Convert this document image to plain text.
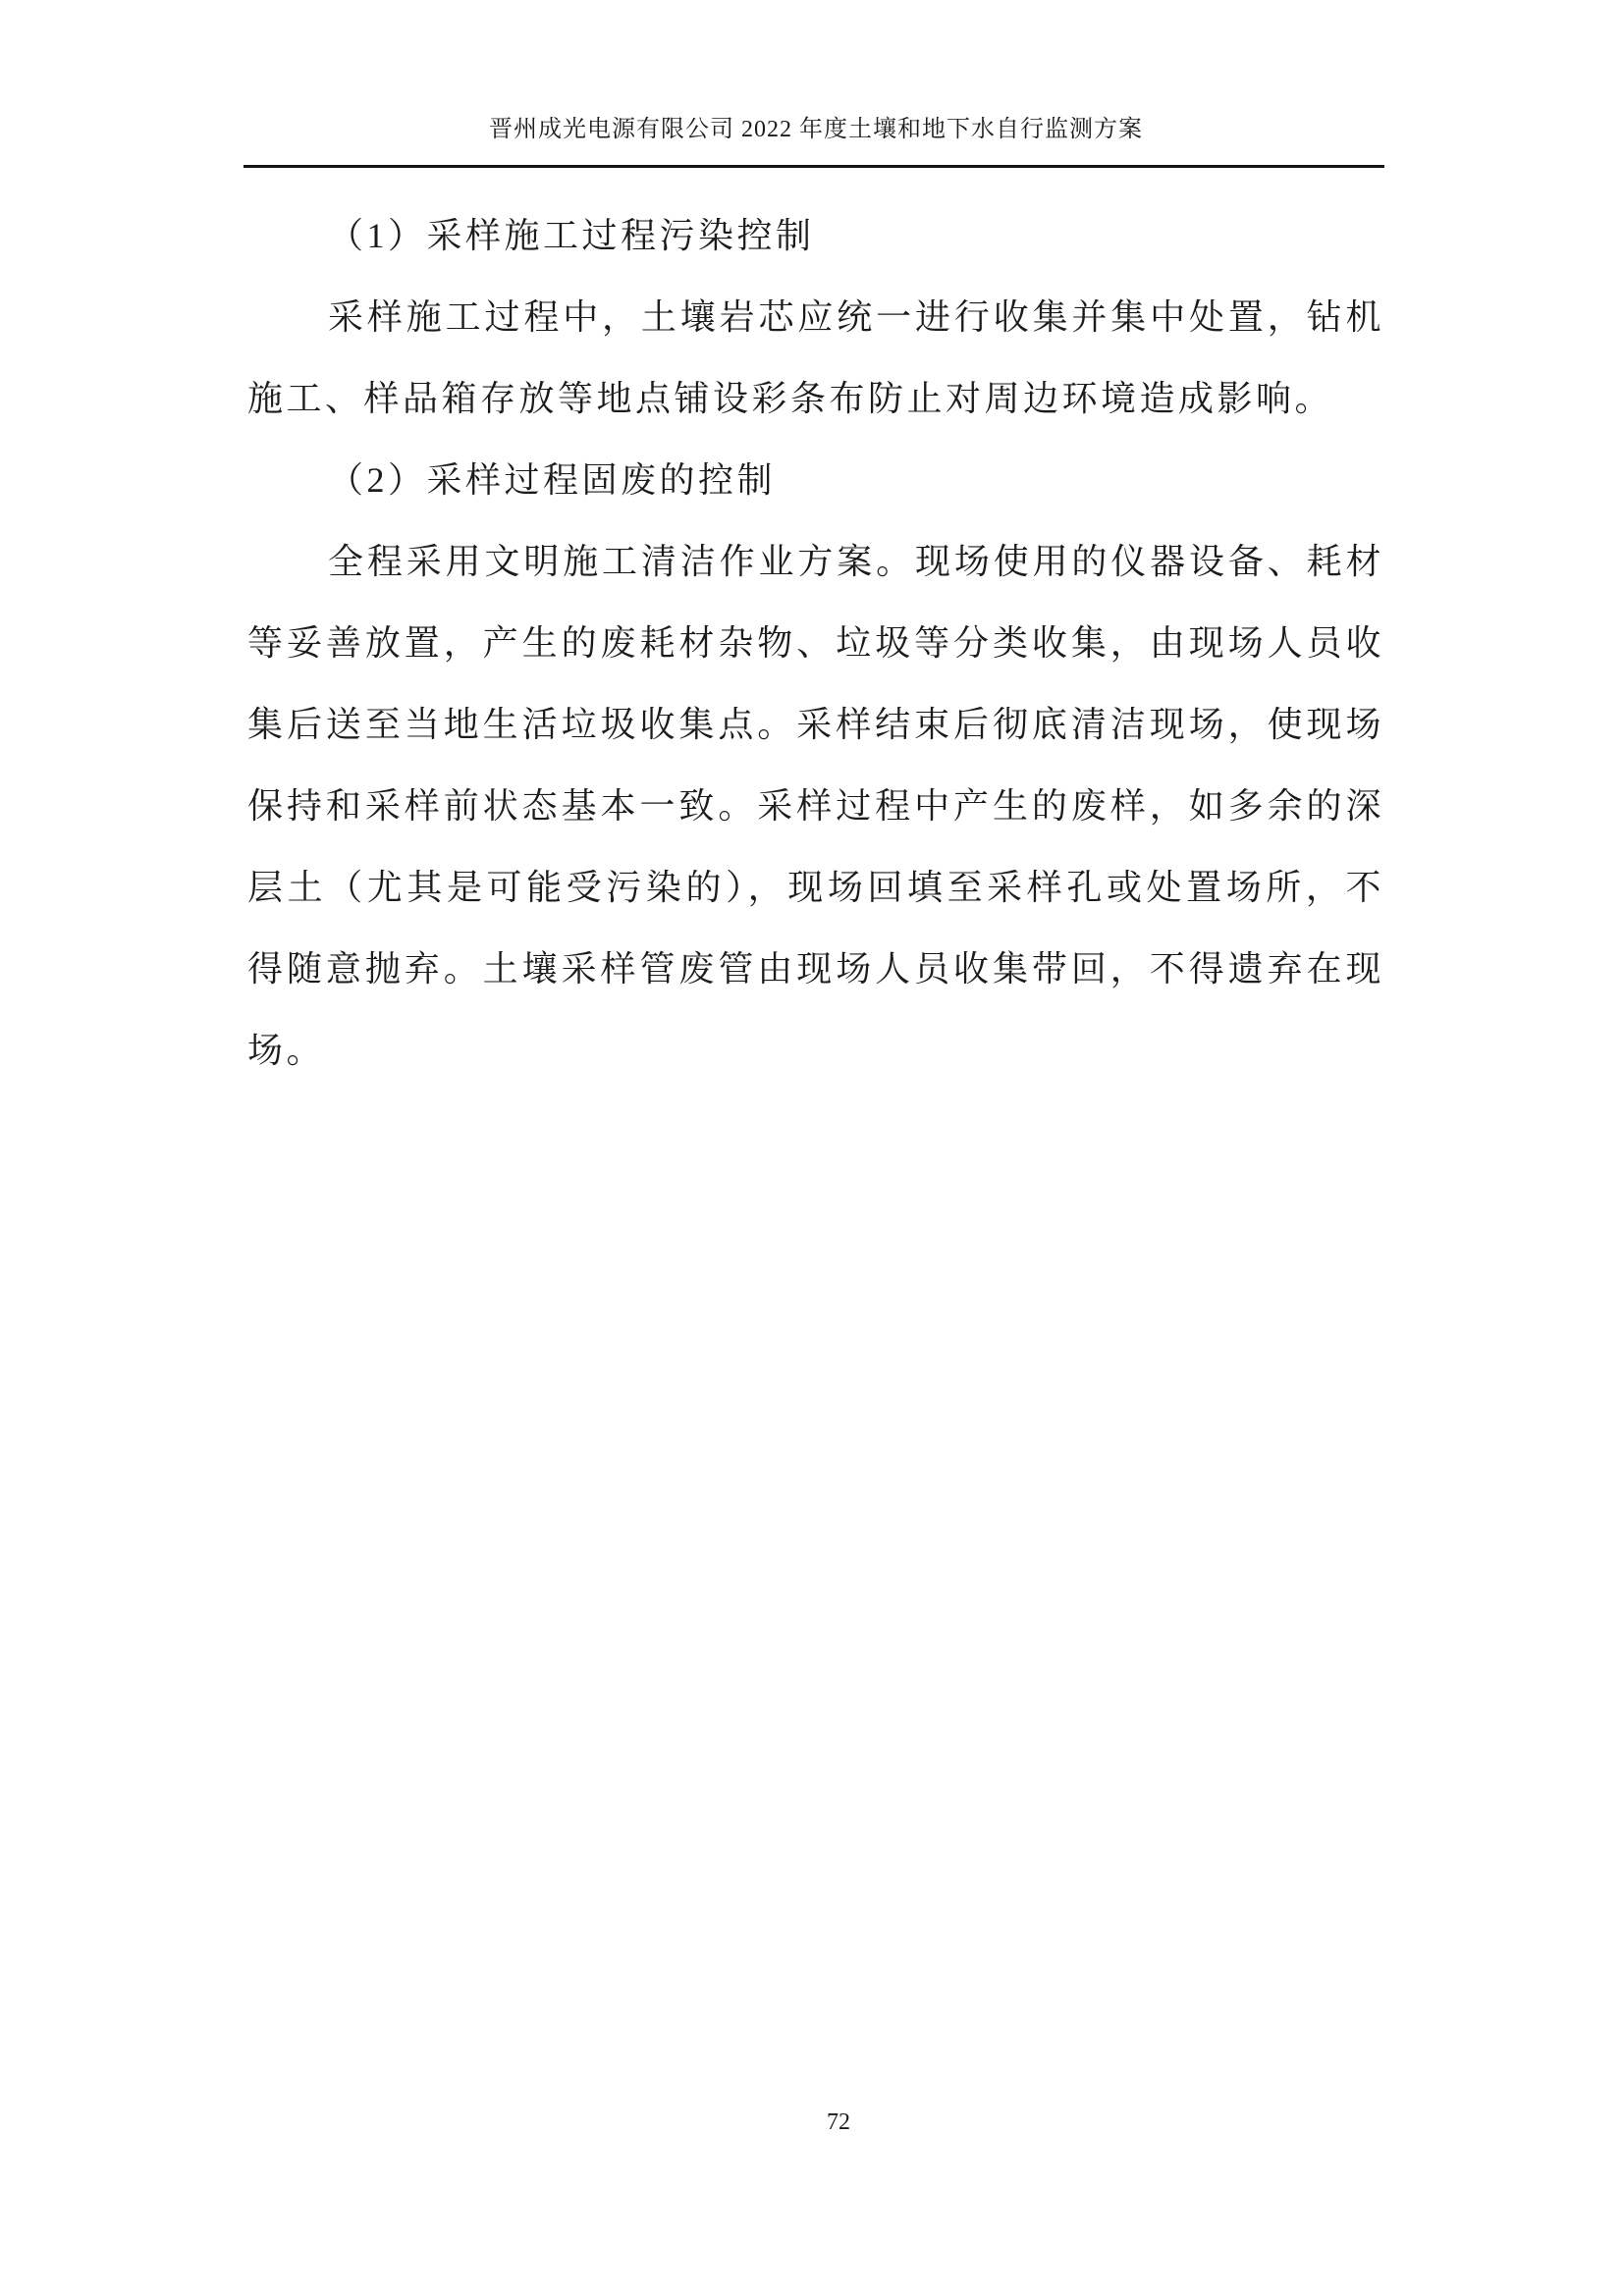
晋州成光电源有限公司 2022 年度土壤和地下水自行监测方案
（1）采样施工过程污染控制
采样施工过程中，土壤岩芯应统一进行收集并集中处置，钻机
施工、样品箱存放等地点铺设彩条布防止对周边环境造成影响。
（2）采样过程固废的控制
全程采用文明施工清洁作业方案。现场使用的仪器设备、耗材
等妥善放置，产生的废耗材杂物、垃圾等分类收集，由现场人员收
集后送至当地生活垃圾收集点。采样结束后彻底清洁现场，使现场
保持和采样前状态基本一致。采样过程中产生的废样，如多余的深
层土（尤其是可能受污染的），现场回填至采样孔或处置场所，不
得随意抛弃。土壤采样管废管由现场人员收集带回，不得遗弃在现
场。
72
